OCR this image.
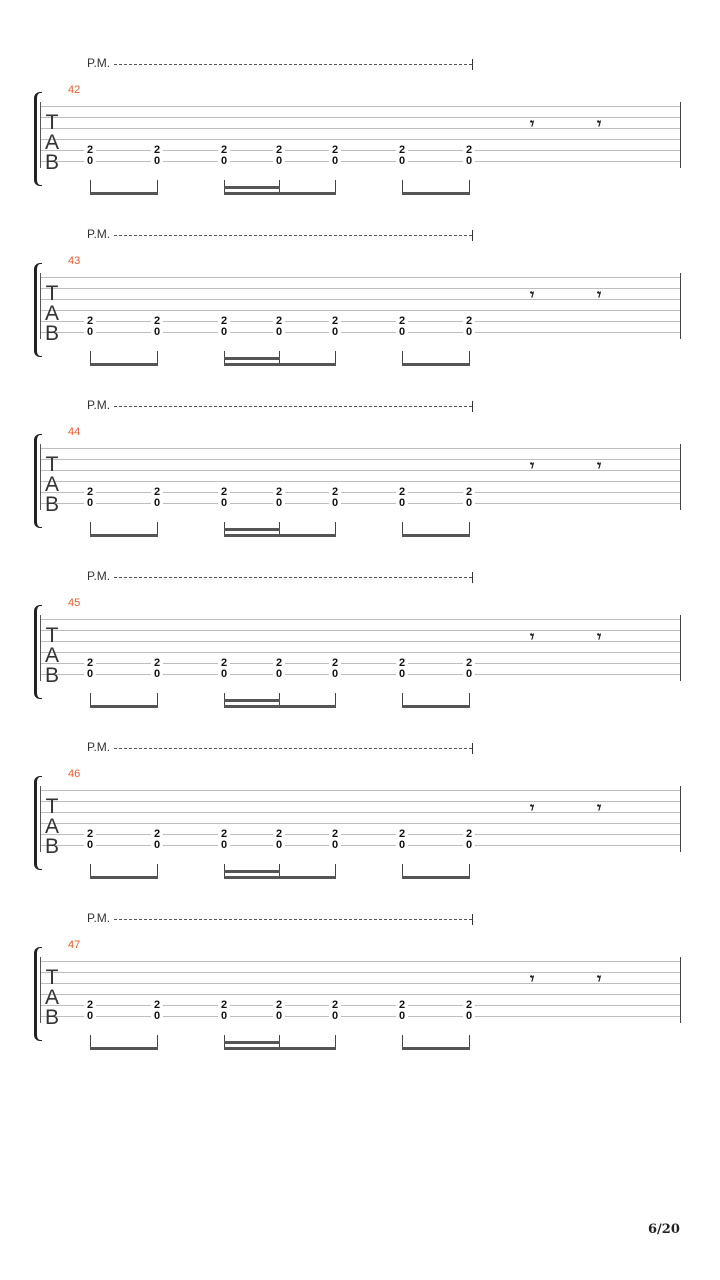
P.M.
42
T
A
B
2
0
2
0
2
0
2
0
2
0
2
0
2
0
𝄾	𝄾
P.M.
43
T
A
B
2
0
2
0
2
0
2
0
2
0
2
0
2
0
𝄾	𝄾
P.M.
44
T
A
B
2
0
2
0
2
0
2
0
2
0
2
0
2
0
𝄾	𝄾
P.M.
45
T
A
B
2
0
2
0
2
0
2
0
2
0
2
0
2
0
𝄾	𝄾
P.M.
46
T
A
B
2
0
2
0
2
0
2
0
2
0
2
0
2
0
𝄾	𝄾
P.M.
47
T
A
B
2
0
2
0
2
0
2
0
2
0
2
0
2
0
𝄾	𝄾
6/20
